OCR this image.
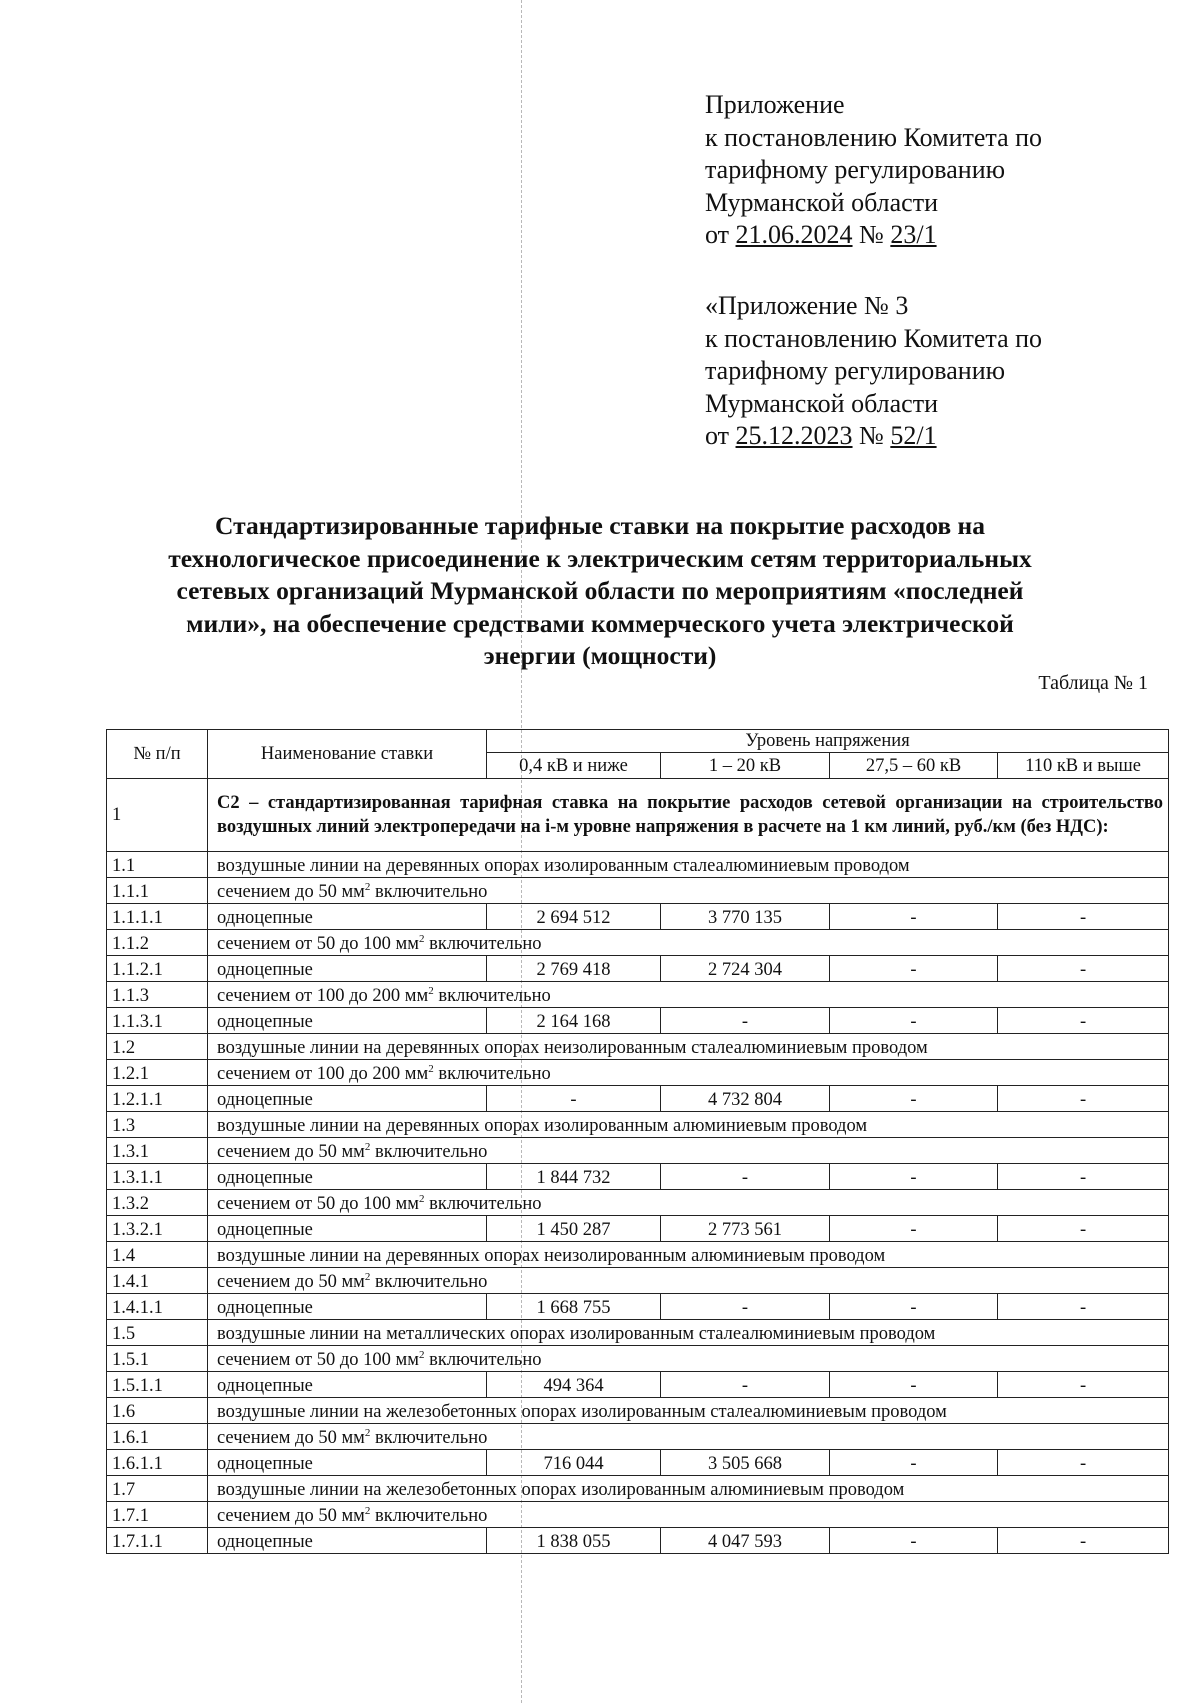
Приложение
к постановлению Комитета по
тарифному регулированию
Мурманской области
от 21.06.2024 № 23/1
«Приложение № 3
к постановлению Комитета по
тарифному регулированию
Мурманской области
от 25.12.2023 № 52/1
Стандартизированные тарифные ставки на покрытие расходов на
технологическое присоединение к электрическим сетям территориальных
сетевых организаций Мурманской области по мероприятиям «последней
мили», на обеспечение средствами коммерческого учета электрической
энергии (мощности)
Таблица № 1
№ п/п	Наименование ставки	Уровень напряжения			
		0,4 кВ и ниже	1 – 20 кВ	27,5 – 60 кВ	110 кВ и выше
1	С2 – стандартизированная тарифная ставка на покрытие расходов сетевой организации на строительство воздушных линий электропередачи на i-м уровне напряжения в расчете на 1 км линий, руб./км (без НДС):				
1.1	воздушные линии на деревянных опорах изолированным сталеалюминиевым проводом				
1.1.1	сечением до 50 $мм^2$ включительно				
1.1.1.1	одноцепные	2 694 512	3 770 135	-	-
1.1.2	сечением от 50 до 100 $мм^2$ включительно				
1.1.2.1	одноцепные	2 769 418	2 724 304	-	-
1.1.3	сечением от 100 до 200 $мм^2$ включительно				
1.1.3.1	одноцепные	2 164 168	-	-	-
1.2	воздушные линии на деревянных опорах неизолированным сталеалюминиевым проводом				
1.2.1	сечением от 100 до 200 $мм^2$ включительно				
1.2.1.1	одноцепные	-	4 732 804	-	-
1.3	воздушные линии на деревянных опорах изолированным алюминиевым проводом				
1.3.1	сечением до 50 $мм^2$ включительно				
1.3.1.1	одноцепные	1 844 732	-	-	-
1.3.2	сечением от 50 до 100 $мм^2$ включительно				
1.3.2.1	одноцепные	1 450 287	2 773 561	-	-
1.4	воздушные линии на деревянных опорах неизолированным алюминиевым проводом				
1.4.1	сечением до 50 $мм^2$ включительно				
1.4.1.1	одноцепные	1 668 755	-	-	-
1.5	воздушные линии на металлических опорах изолированным сталеалюминиевым проводом				
1.5.1	сечением от 50 до 100 $мм^2$ включительно				
1.5.1.1	одноцепные	494 364	-	-	-
1.6	воздушные линии на железобетонных опорах изолированным сталеалюминиевым проводом				
1.6.1	сечением до 50 $мм^2$ включительно				
1.6.1.1	одноцепные	716 044	3 505 668	-	-
1.7	воздушные линии на железобетонных опорах изолированным алюминиевым проводом				
1.7.1	сечением до 50 $мм^2$ включительно				
1.7.1.1	одноцепные	1 838 055	4 047 593	-	-
